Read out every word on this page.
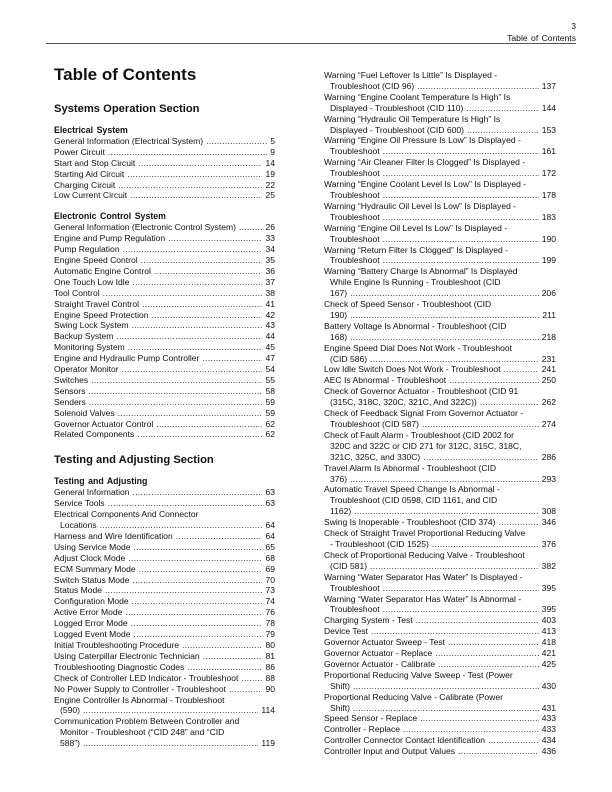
3
Table of Contents
Table of Contents
Systems Operation Section
Electrical System
General Information (Electrical System) .....	5
Power Circuit .....	9
Start and Stop Circuit .....	14
Starting Aid Circuit .....	19
Charging Circuit .....	22
Low Current Circuit .....	25
Electronic Control System
General Information (Electronic Control System) .....	26
Engine and Pump Regulation .....	33
Pump Regulation .....	34
Engine Speed Control .....	35
Automatic Engine Control .....	36
One Touch Low Idle .....	37
Tool Control .....	38
Straight Travel Control .....	41
Engine Speed Protection .....	42
Swing Lock System .....	43
Backup System .....	44
Monitoring System .....	45
Engine and Hydraulic Pump Controller .....	47
Operator Monitor .....	54
Switches .....	55
Sensors .....	58
Senders .....	59
Solenoid Valves .....	59
Governor Actuator Control .....	62
Related Components .....	62
Testing and Adjusting Section
Testing and Adjusting
General Information .....	63
Service Tools .....	63
Electrical Components And Connector
Locations .....	64
Harness and Wire Identification .....	64
Using Service Mode .....	65
Adjust Clock Mode .....	68
ECM Summary Mode .....	69
Switch Status Mode .....	70
Status Mode .....	73
Configuration Mode .....	74
Active Error Mode .....	76
Logged Error Mode .....	78
Logged Event Mode .....	79
Initial Troubleshooting Procedure .....	80
Using Caterpillar Electronic Technician .....	81
Troubleshooting Diagnostic Codes .....	86
Check of Controller LED Indicator - Troubleshoot .....	88
No Power Supply to Controller - Troubleshoot .....	90
Engine Controller Is Abnormal - Troubleshoot
(590) .....	114
Communication Problem Between Controller and
Monitor - Troubleshoot (“CID 248” and “CID
588”) .....	119
Warning “Fuel Leftover Is Little” Is Displayed -
Troubleshoot (CID 96) .....	137
Warning “Engine Coolant Temperature Is High” Is
Displayed - Troubleshoot (CID 110) .....	144
Warning “Hydraulic Oil Temperature Is High” Is
Displayed - Troubleshoot (CID 600) .....	153
Warning “Engine Oil Pressure Is Low” Is Displayed -
Troubleshoot .....	161
Warning “Air Cleaner Filter Is Clogged” Is Displayed -
Troubleshoot .....	172
Warning “Engine Coolant Level Is Low” Is Displayed -
Troubleshoot .....	178
Warning “Hydraulic Oil Level Is Low” Is Displayed -
Troubleshoot .....	183
Warning “Engine Oil Level Is Low” Is Displayed -
Troubleshoot .....	190
Warning “Return Filter Is Clogged” Is Displayed -
Troubleshoot .....	199
Warning “Battery Charge Is Abnormal” Is Displayed
While Engine Is Running - Troubleshoot (CID
167) .....	206
Check of Speed Sensor - Troubleshoot (CID
190) .....	211
Battery Voltage Is Abnormal - Troubleshoot (CID
168) .....	218
Engine Speed Dial Does Not Work - Troubleshoot
(CID 586) .....	231
Low Idle Switch Does Not Work - Troubleshoot .....	241
AEC Is Abnormal - Troubleshoot .....	250
Check of Governor Actuator - Troubleshoot (CID 91
(315C, 318C, 320C, 321C, And 322C)) .....	262
Check of Feedback Signal From Governor Actuator -
Troubleshoot (CID 587) .....	274
Check of Fault Alarm - Troubleshoot (CID 2002 for
320C and 322C or CID 271 for 312C, 315C, 318C,
321C, 325C, and 330C) .....	286
Travel Alarm Is Abnormal - Troubleshoot (CID
376) .....	293
Automatic Travel Speed Change Is Abnormal -
Troubleshoot (CID 0598, CID 1161, and CID
1162) .....	308
Swing Is Inoperable - Troubleshoot (CID 374) .....	346
Check of Straight Travel Proportional Reducing Valve
- Troubleshoot (CID 1525) .....	376
Check of Proportional Reducing Valve - Troubleshoot
(CID 581) .....	382
Warning “Water Separator Has Water” Is Displayed -
Troubleshoot .....	395
Warning “Water Separator Has Water” Is Abnormal -
Troubleshoot .....	395
Charging System - Test .....	403
Device Test .....	413
Governor Actuator Sweep - Test .....	418
Governor Actuator - Replace .....	421
Governor Actuator - Calibrate .....	425
Proportional Reducing Valve Sweep - Test (Power
Shift) .....	430
Proportional Reducing Valve - Calibrate (Power
Shift) .....	431
Speed Sensor - Replace .....	433
Controller - Replace .....	433
Controller Connector Contact Identification .....	434
Controller Input and Output Values .....	436
